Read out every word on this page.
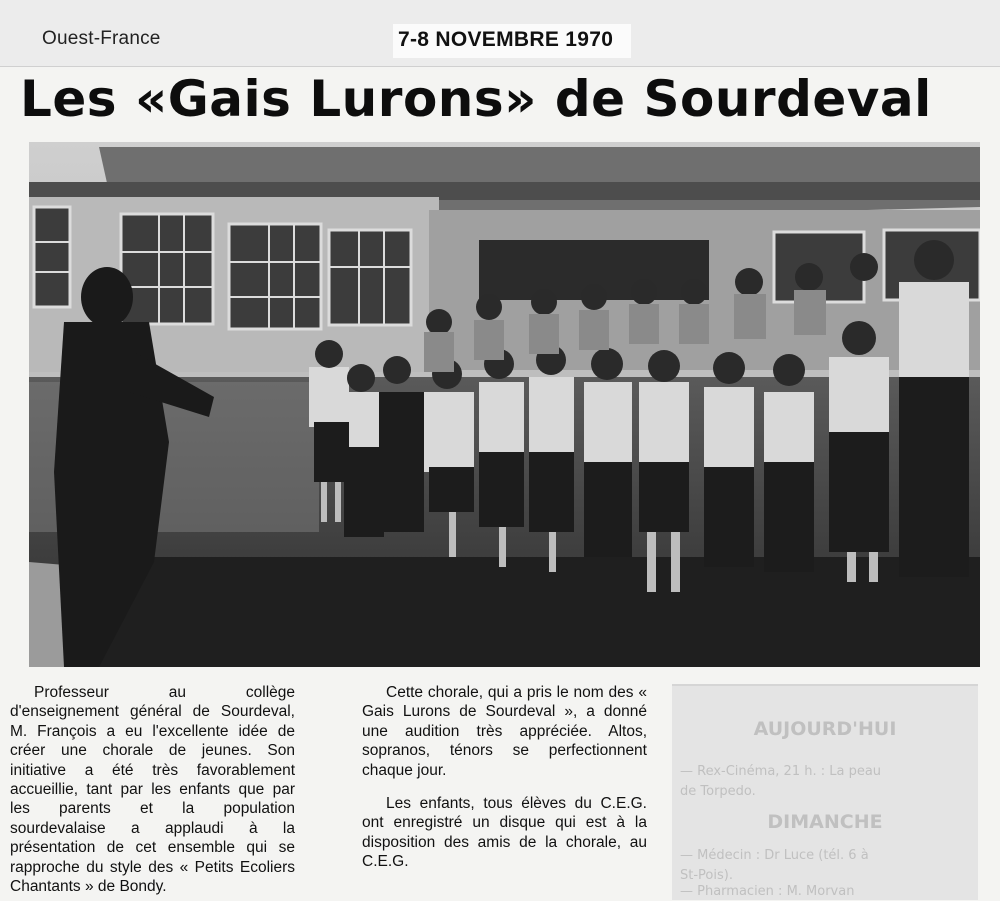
Ouest-France	7-8 NOVEMBRE 1970
Les «Gais Lurons» de Sourdeval

Professeur au collège d'enseignement général de Sourdeval, M. François a eu l'excellente idée de créer une chorale de jeunes. Son initiative a été très favorablement accueillie, tant par les enfants que par les parents et la population sourdevalaise a applaudi à la présentation de cet ensemble qui se rapproche du style des « Petits Ecoliers Chantants » de Bondy.

Cette chorale, qui a pris le nom des « Gais Lurons de Sourdeval », a donné une audition très appréciée. Altos, sopranos, ténors se perfectionnent chaque jour.

Les enfants, tous élèves du C.E.G. ont enregistré un disque qui est à la disposition des amis de la chorale, au C.E.G.

AUJOURD'HUI
— Rex-Cinéma, 21 h. : La peau
de Torpedo.
DIMANCHE
— Médecin : Dr Luce (tél. 6 à
St-Pois).
— Pharmacien : M. Morvan
